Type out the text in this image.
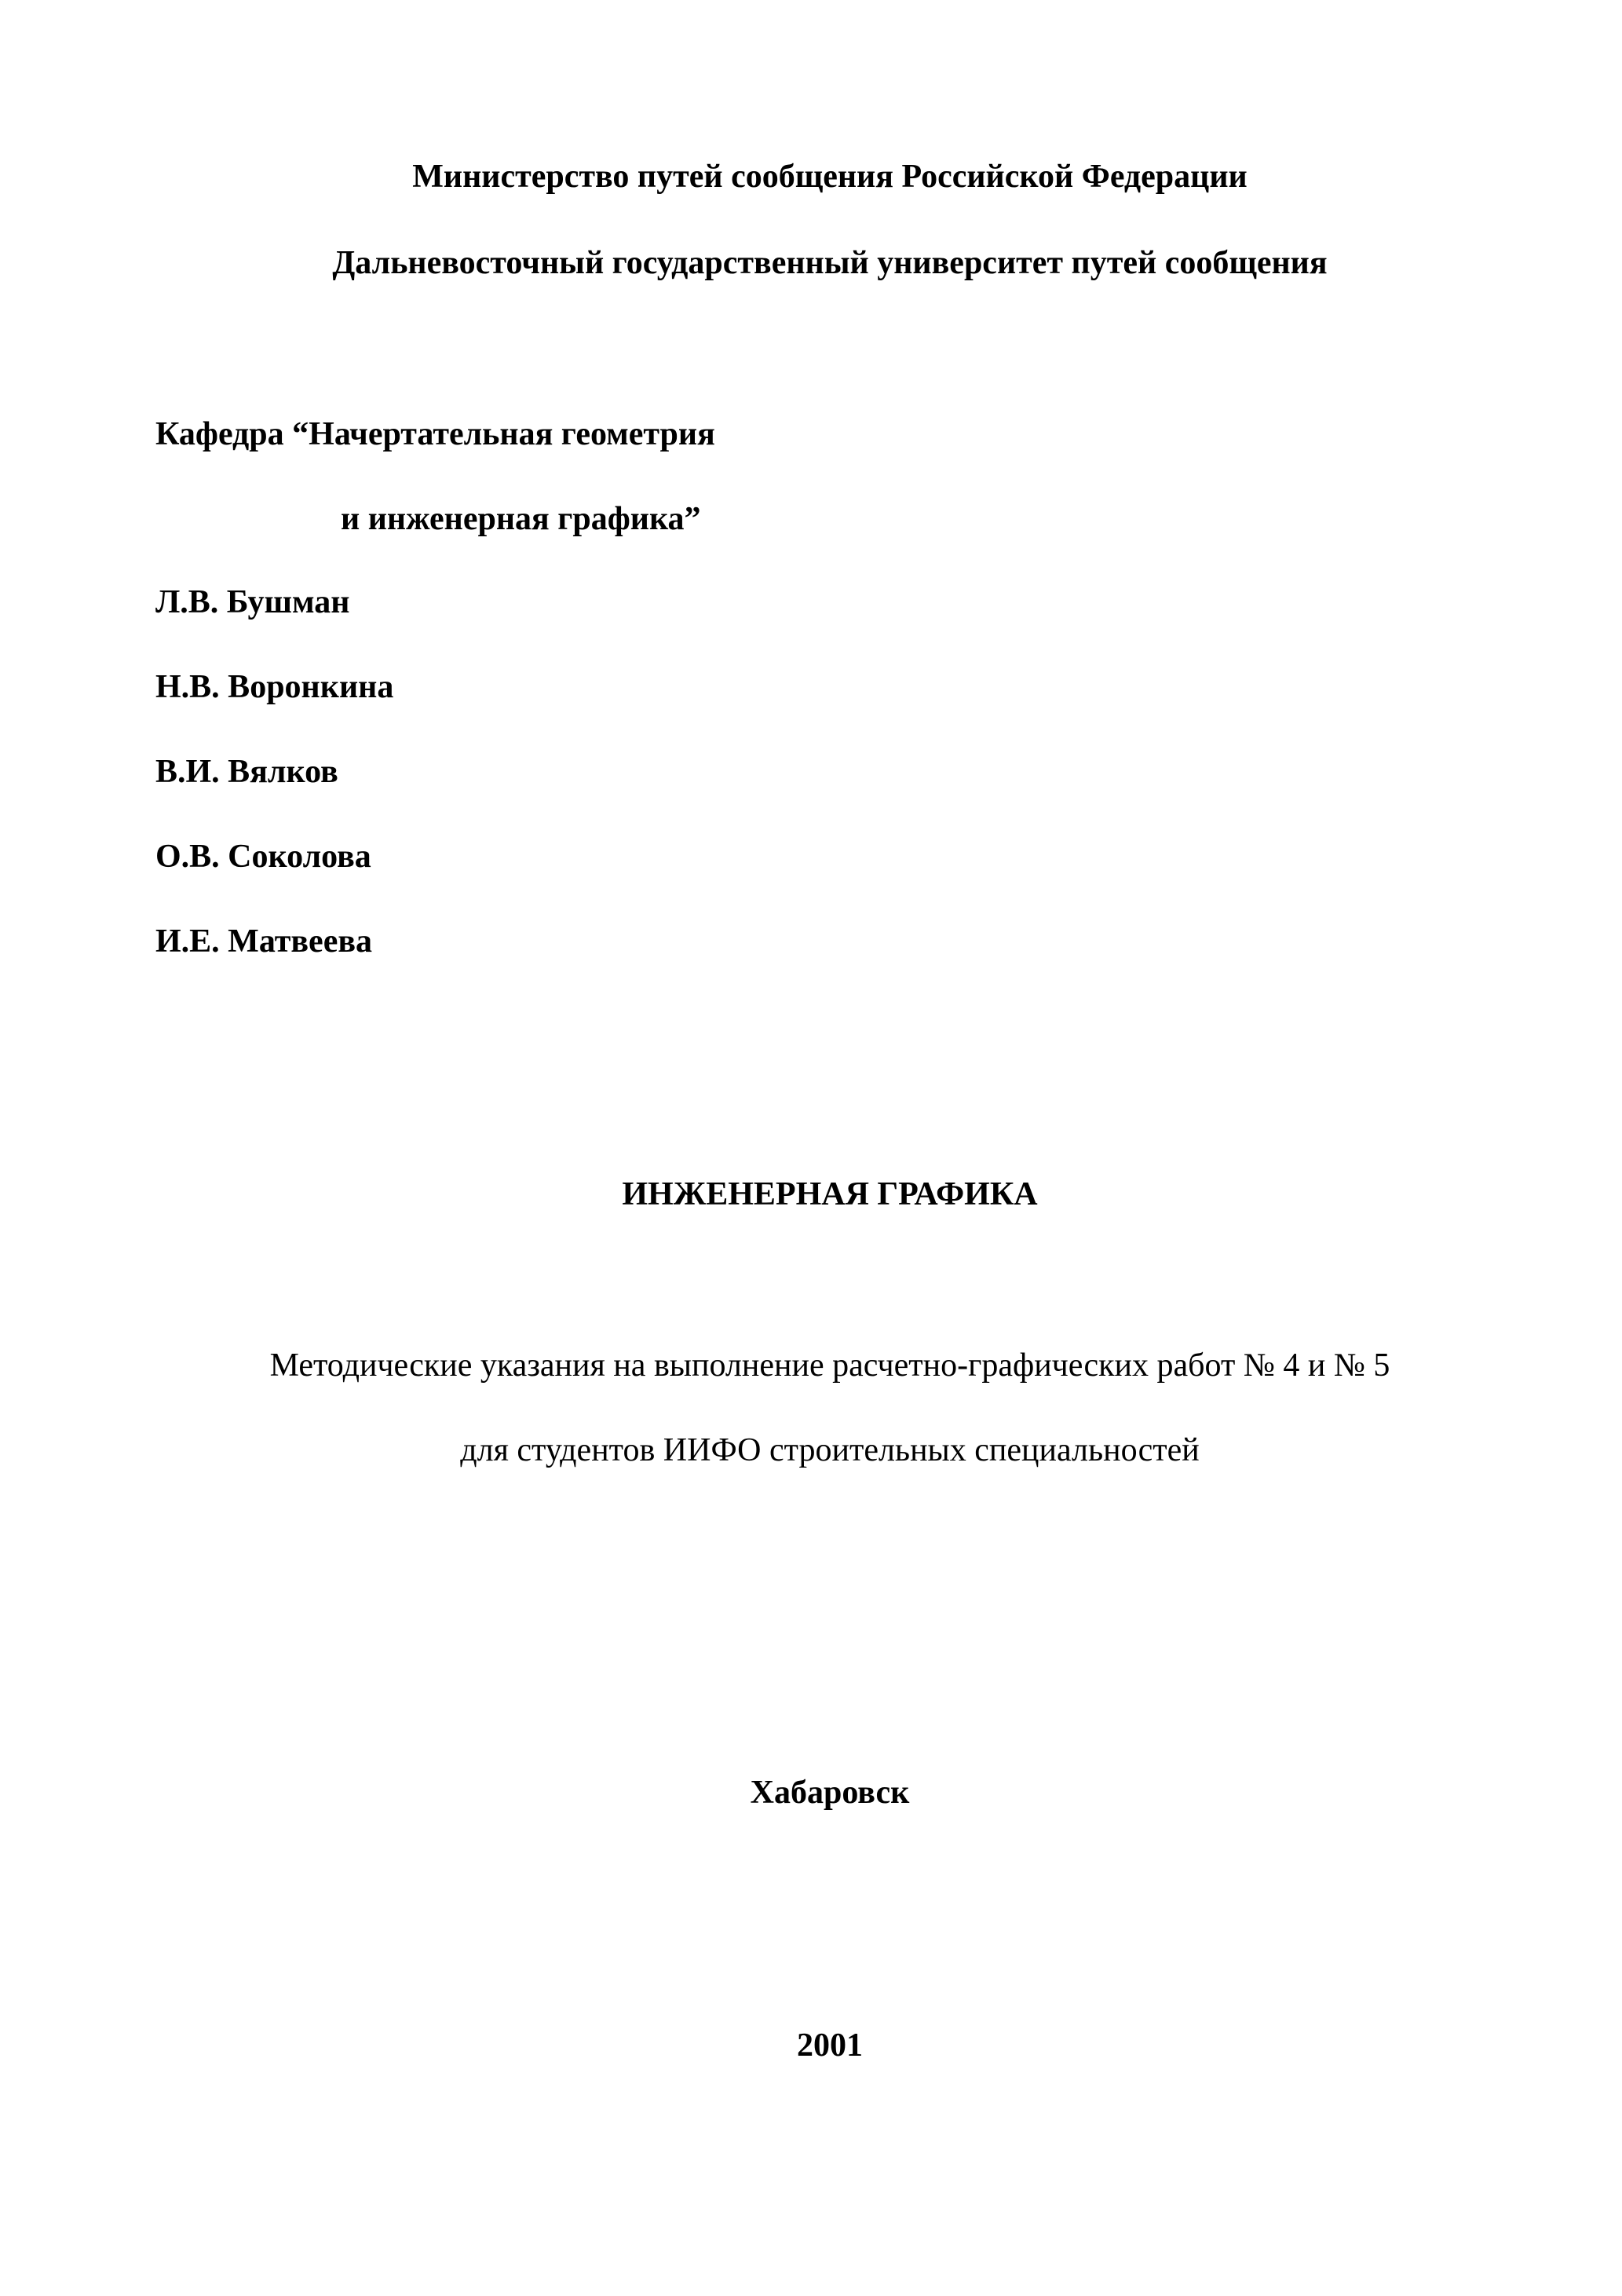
Министерство путей сообщения Российской Федерации

Дальневосточный государственный университет путей сообщения

Кафедра “Начертательная геометрия

и инженерная графика”

Л.В. Бушман

Н.В. Воронкина

В.И. Вялков

О.В. Соколова

И.Е. Матвеева

ИНЖЕНЕРНАЯ ГРАФИКА

Методические указания на выполнение расчетно-графических работ № 4 и № 5

для студентов ИИФО строительных специальностей

Хабаровск

2001
